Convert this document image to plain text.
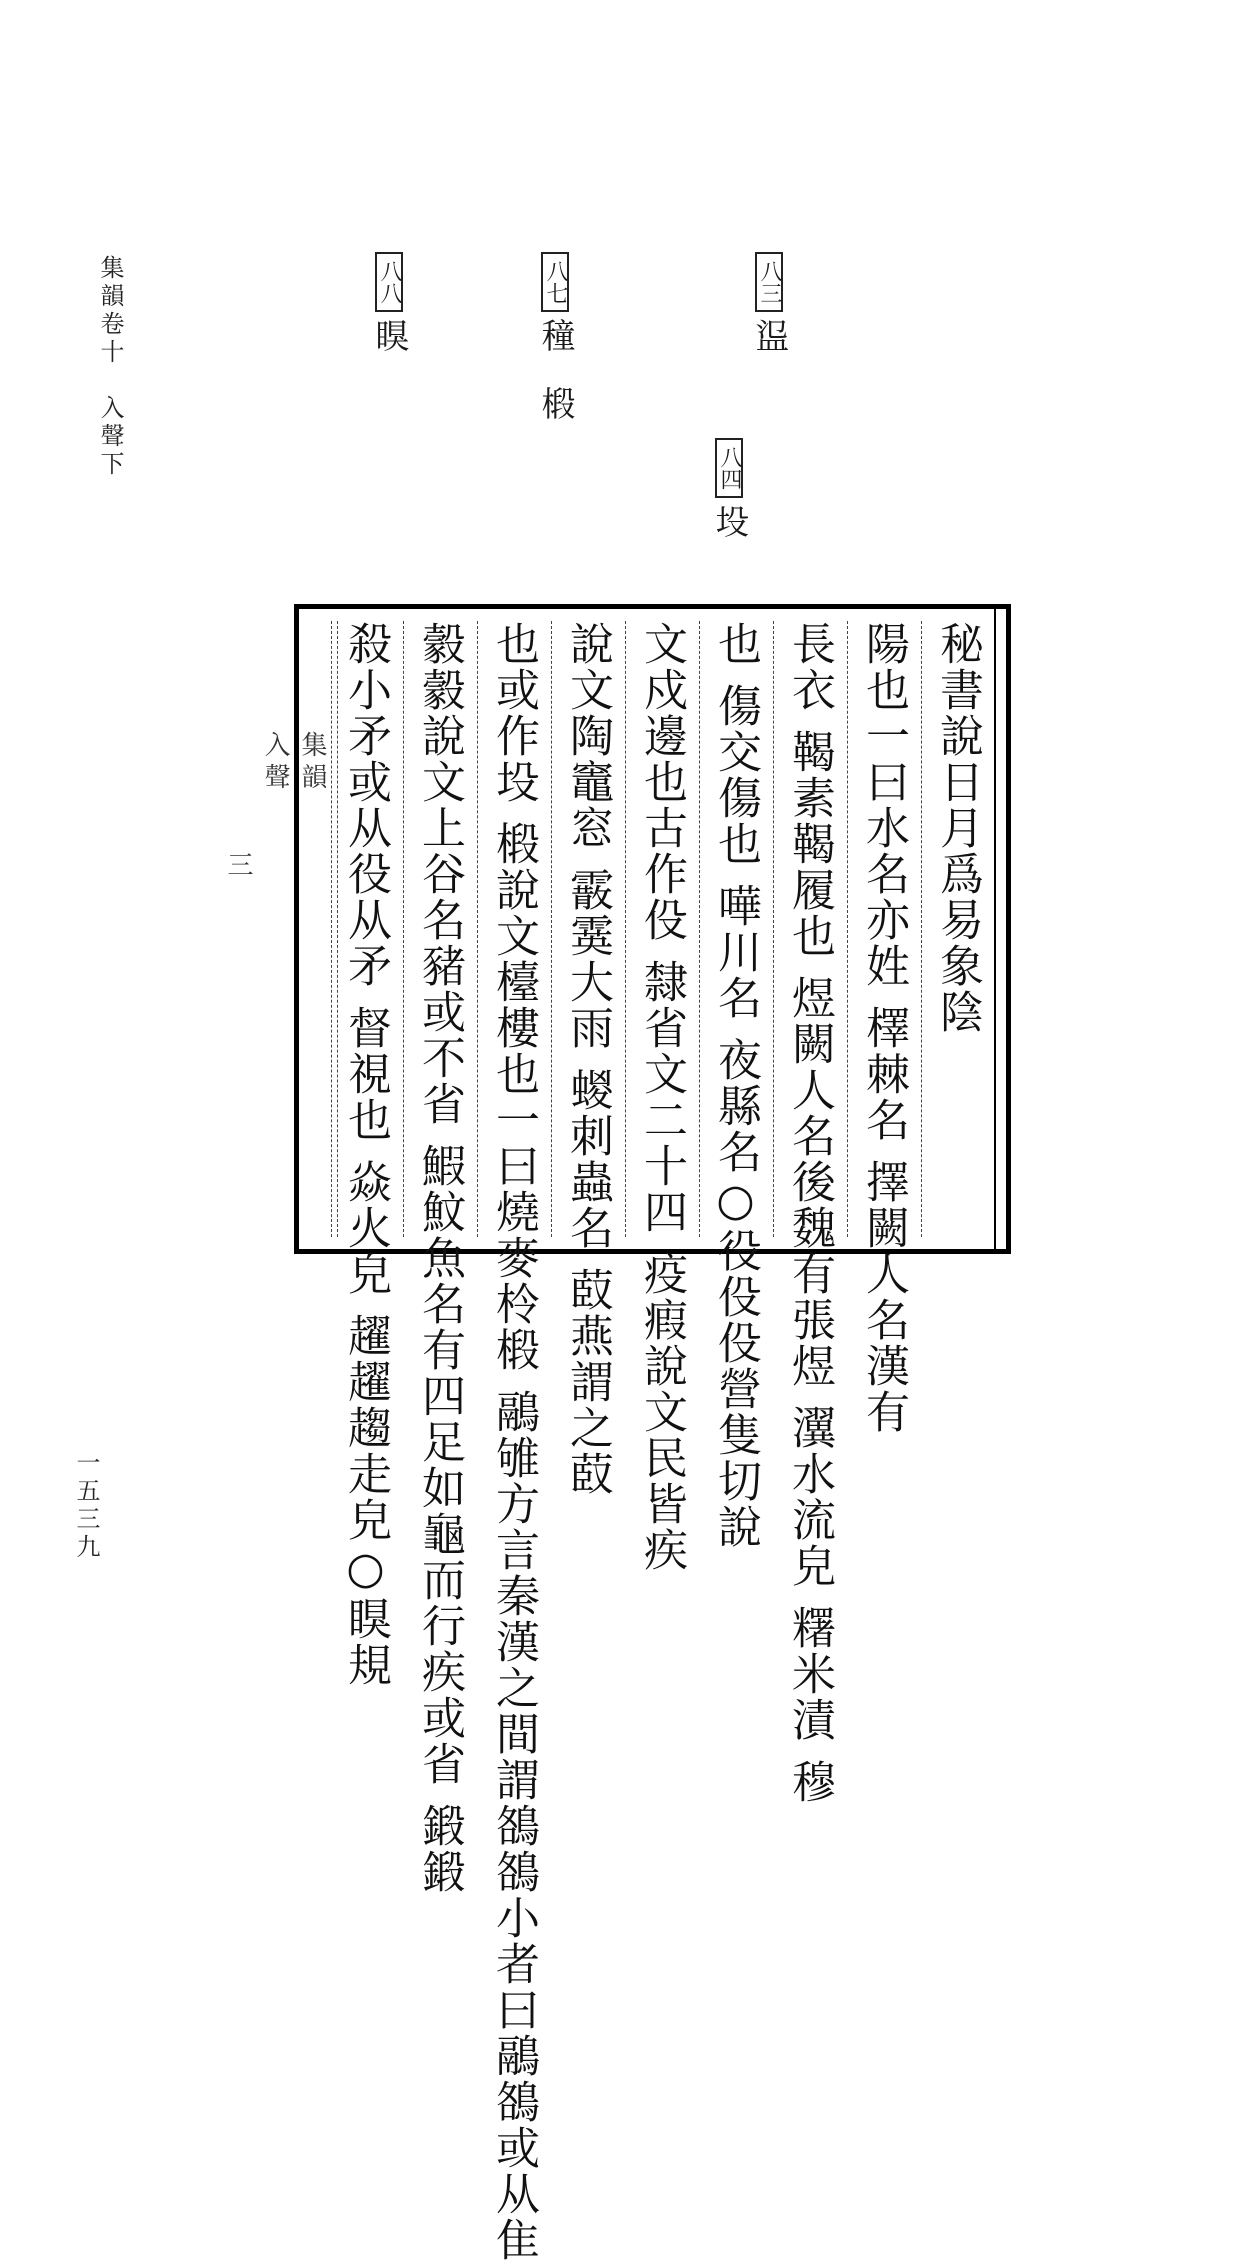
集韻卷十　入聲下
一五三九
八三䀀
八四坄
八七穜　椴
八八瞁
集韻
入聲
三	秘書說日月爲易象陰
陽也一曰水名亦姓 檡棘名 擇闕人名漢有
長衣 鞨素鞨履也 煜闕人名後魏有張煜 瀷水流皃 糬米漬 穆
也 傷交傷也 嘩川名 夜縣名○役伇伇營隻切說
文戍邊也古作伇 隸省文二十四 疫瘕說文民皆疾
說文陶竈窓 霰霙大雨 蝬刺蟲名 菣燕謂之菣
也或作坄 椴說文檯樓也一曰燒麥柃椴 鷊雊方言秦漢之間謂鵅鵅小者曰鷊鵅或从隹
豰豰說文上谷名豬或不省 鰕魰魚名有四足如龜而行疾或省 鍛鍛
殺小矛或从役从矛 督視也 焱火皃 趯趯趨走皃○瞁規
